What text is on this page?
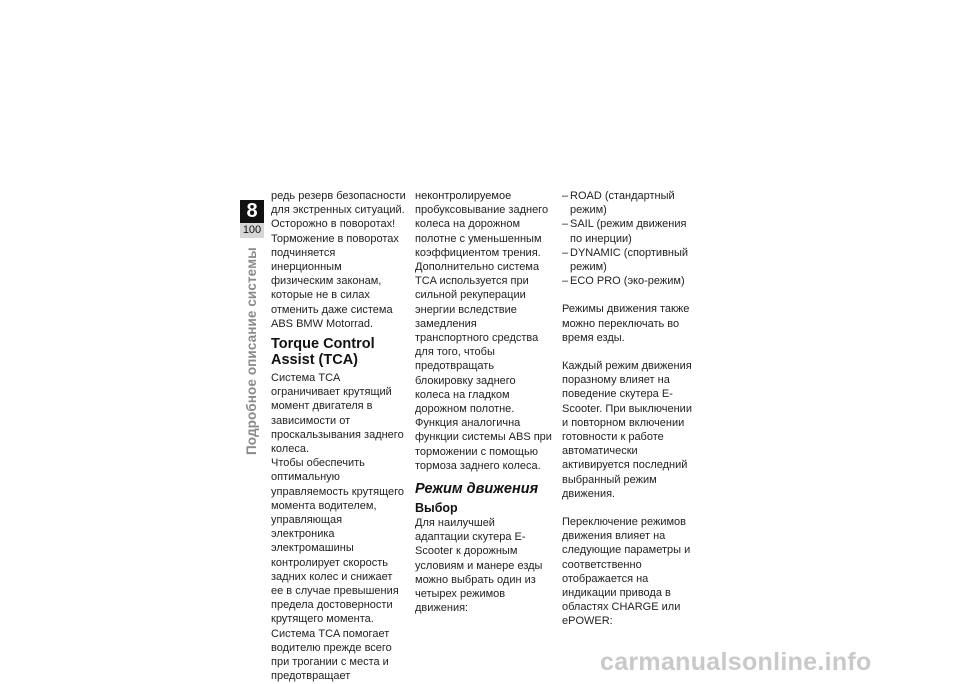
8
100
Подробное описание системы

редь резерв безопасности для экстренных ситуаций.

Осторожно в поворотах! Торможение в поворотах подчиняется инерционным физическим законам, которые не в силах отменить даже система ABS BMW Motorrad.

Torque Control Assist (TCA)

Система TCA ограничивает крутящий момент двигателя в зависимости от проскальзывания заднего колеса.

Чтобы обеспечить оптимальную управляемость крутящего момента водителем, управляющая электроника электромашины контролирует скорость задних колес и снижает ее в случае превышения предела достоверности крутящего момента.

Система TCA помогает водителю прежде всего при трогании с места и предотвращает

неконтролируемое пробуксовывание заднего колеса на дорожном полотне с уменьшенным коэффициентом трения.

Дополнительно система TCA используется при сильной рекуперации энергии вследствие замедления транспортного средства для того, чтобы предотвращать блокировку заднего колеса на гладком дорожном полотне.

Функция аналогична функции системы ABS при торможении с помощью тормоза заднего колеса.

Режим движения
Выбор

Для наилучшей адаптации скутера E-Scooter к дорожным условиям и манере езды можно выбрать один из четырех режимов движения:

– ROAD (стандартный режим)
– SAIL (режим движения по инерции)
– DYNAMIC (спортивный режим)
– ECO PRO (эко-режим)

Режимы движения также можно переключать во время езды.

Каждый режим движения поразному влияет на поведение скутера E-Scooter. При выключении и повторном включении готовности к работе автоматически активируется последний выбранный режим движения.

Переключение режимов движения влияет на следующие параметры и соответственно отображается на индикации привода в областях CHARGE или ePOWER:

carmanualsonline.info
